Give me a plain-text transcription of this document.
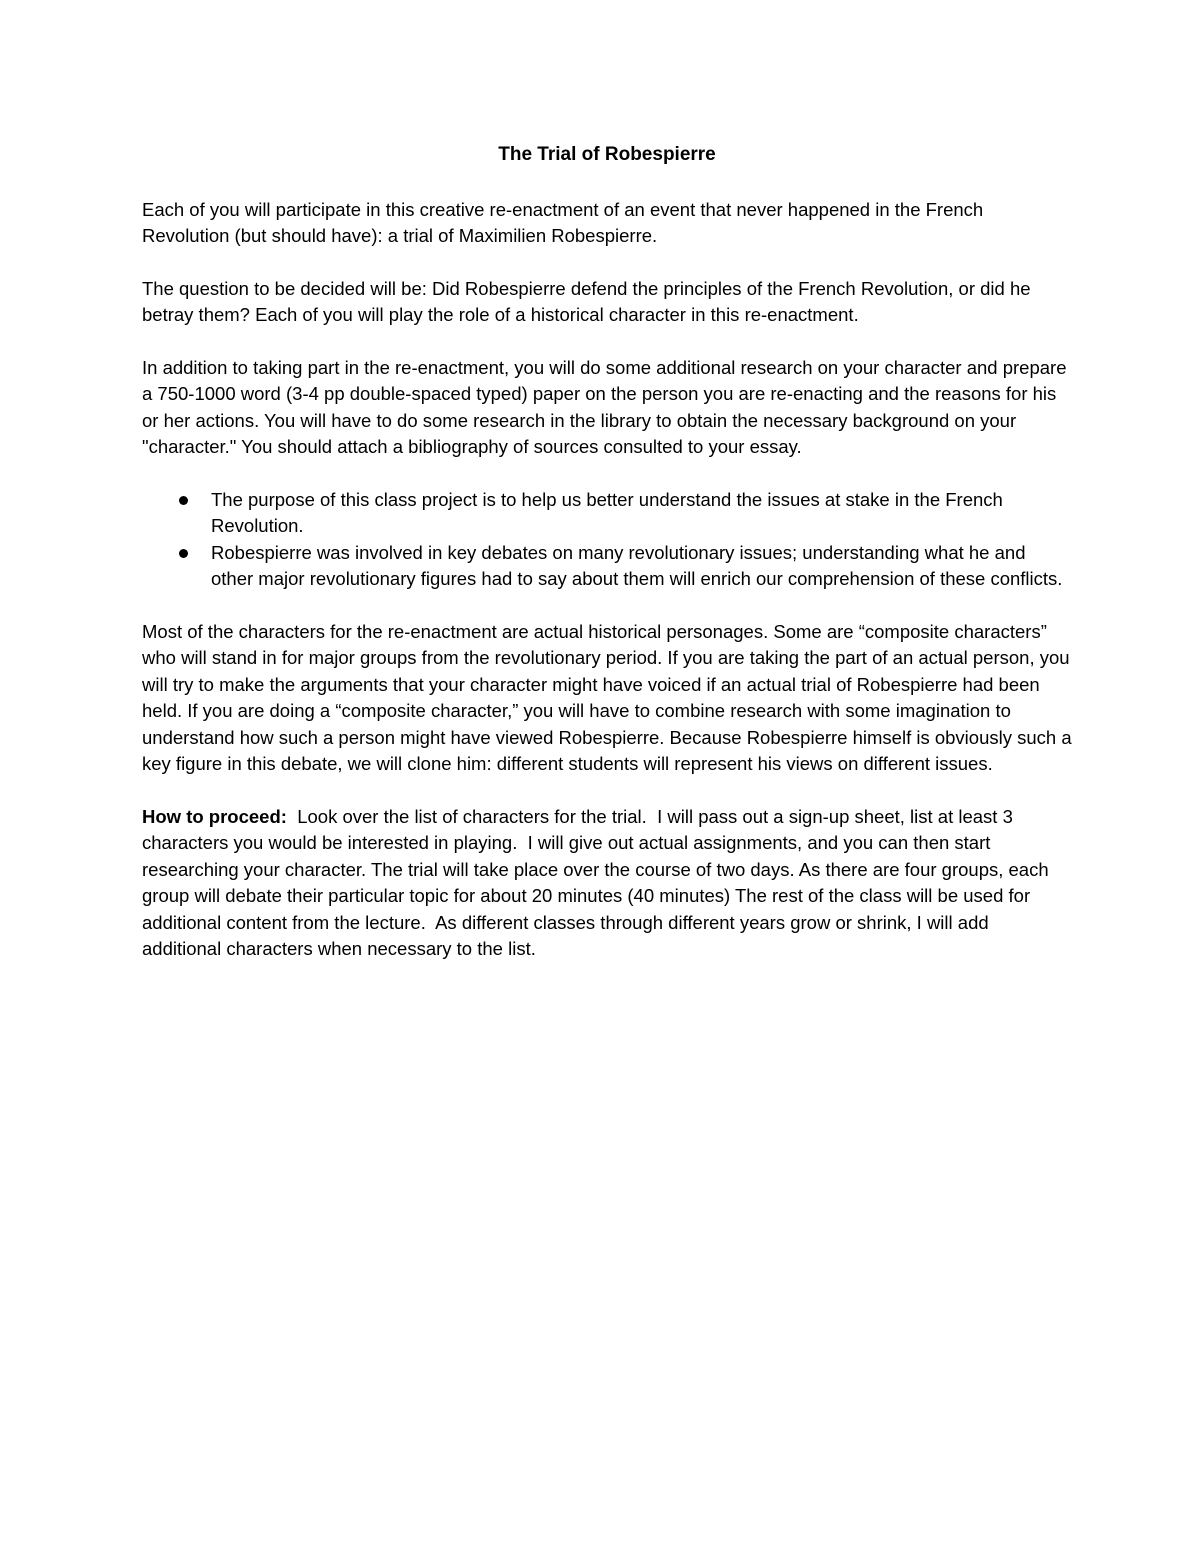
The Trial of Robespierre

Each of you will participate in this creative re-enactment of an event that never happened in the French Revolution (but should have): a trial of Maximilien Robespierre.

The question to be decided will be: Did Robespierre defend the principles of the French Revolution, or did he betray them? Each of you will play the role of a historical character in this re-enactment.

In addition to taking part in the re-enactment, you will do some additional research on your character and prepare a 750-1000 word (3-4 pp double-spaced typed) paper on the person you are re-enacting and the reasons for his or her actions. You will have to do some research in the library to obtain the necessary background on your "character." You should attach a bibliography of sources consulted to your essay.

The purpose of this class project is to help us better understand the issues at stake in the French Revolution.
Robespierre was involved in key debates on many revolutionary issues; understanding what he and other major revolutionary figures had to say about them will enrich our comprehension of these conflicts.

Most of the characters for the re-enactment are actual historical personages. Some are “composite characters” who will stand in for major groups from the revolutionary period. If you are taking the part of an actual person, you will try to make the arguments that your character might have voiced if an actual trial of Robespierre had been held. If you are doing a “composite character,” you will have to combine research with some imagination to understand how such a person might have viewed Robespierre. Because Robespierre himself is obviously such a key figure in this debate, we will clone him: different students will represent his views on different issues.

How to proceed:  Look over the list of characters for the trial.  I will pass out a sign-up sheet, list at least 3 characters you would be interested in playing.  I will give out actual assignments, and you can then start researching your character. The trial will take place over the course of two days. As there are four groups, each group will debate their particular topic for about 20 minutes (40 minutes) The rest of the class will be used for additional content from the lecture.  As different classes through different years grow or shrink, I will add additional characters when necessary to the list.
